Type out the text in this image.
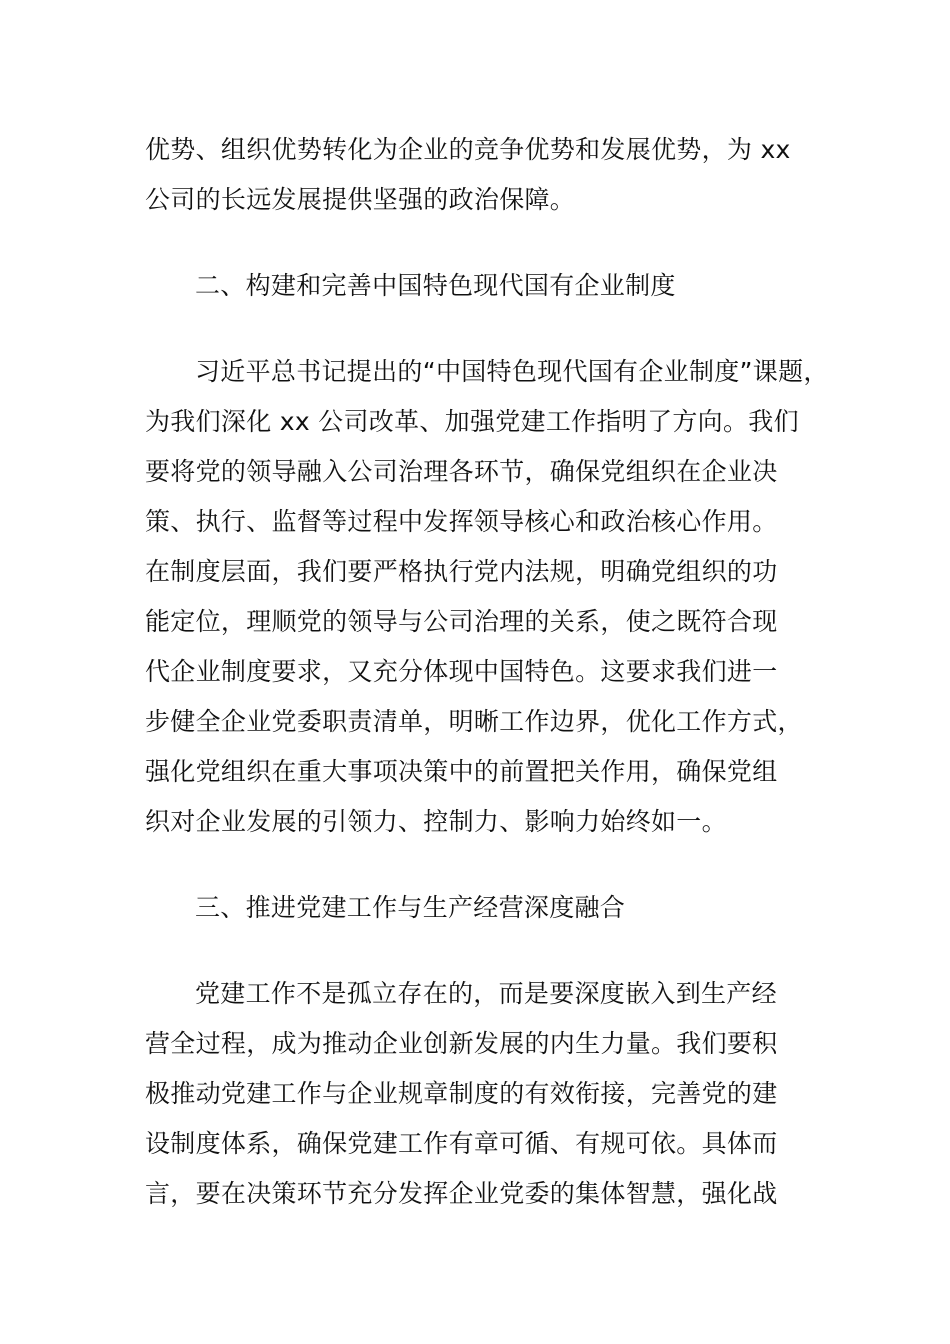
优势、组织优势转化为企业的竞争优势和发展优势，为 xx
公司的长远发展提供坚强的政治保障。
二、构建和完善中国特色现代国有企业制度
习近平总书记提出的“中国特色现代国有企业制度”课题，
为我们深化 xx 公司改革、加强党建工作指明了方向。我们
要将党的领导融入公司治理各环节，确保党组织在企业决
策、执行、监督等过程中发挥领导核心和政治核心作用。
在制度层面，我们要严格执行党内法规，明确党组织的功
能定位，理顺党的领导与公司治理的关系，使之既符合现
代企业制度要求，又充分体现中国特色。这要求我们进一
步健全企业党委职责清单，明晰工作边界，优化工作方式，
强化党组织在重大事项决策中的前置把关作用，确保党组
织对企业发展的引领力、控制力、影响力始终如一。
三、推进党建工作与生产经营深度融合
党建工作不是孤立存在的，而是要深度嵌入到生产经
营全过程，成为推动企业创新发展的内生力量。我们要积
极推动党建工作与企业规章制度的有效衔接，完善党的建
设制度体系，确保党建工作有章可循、有规可依。具体而
言，要在决策环节充分发挥企业党委的集体智慧，强化战
